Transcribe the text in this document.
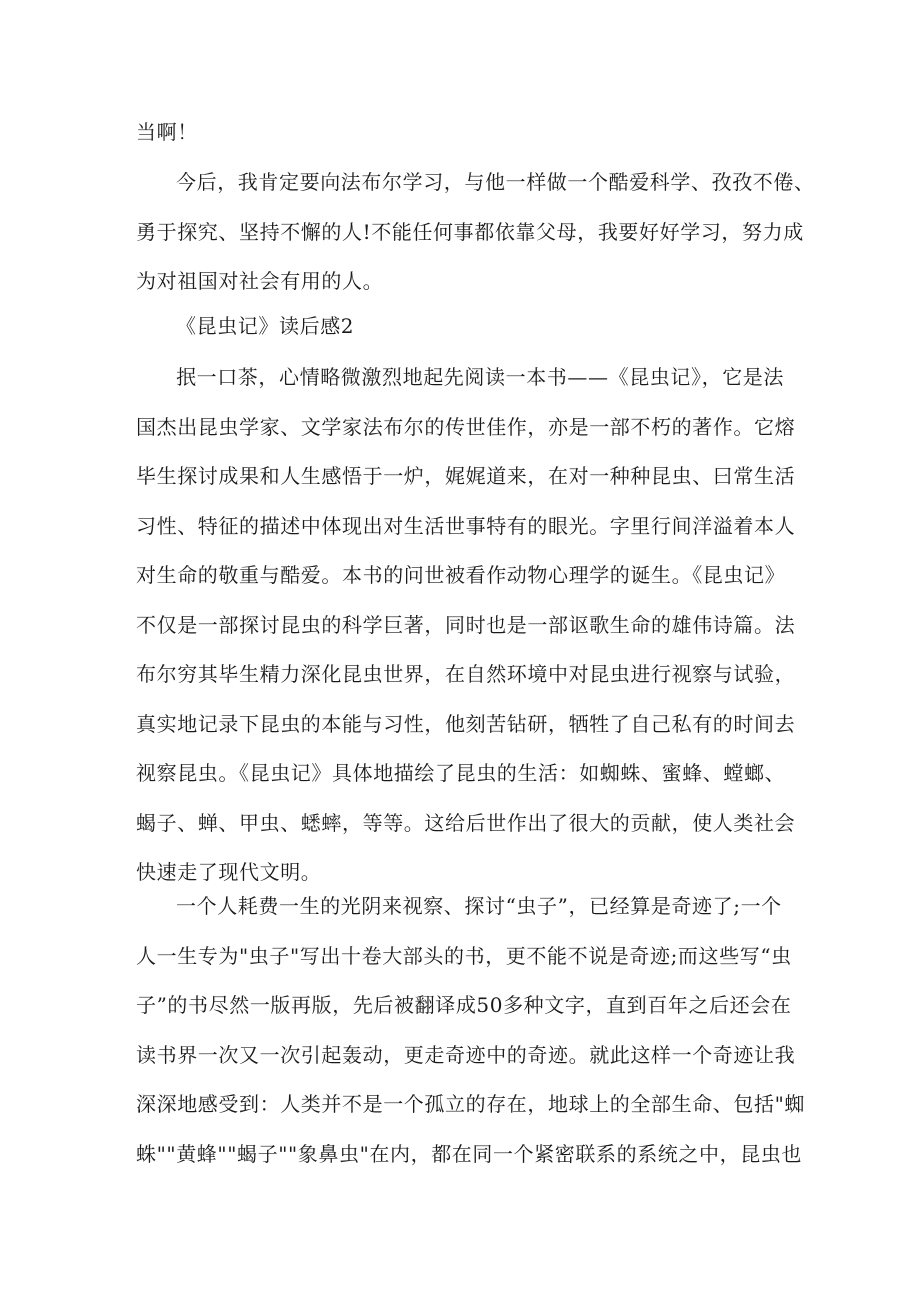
当啊！

今后，我肯定要向法布尔学习，与他一样做一个酷爱科学、孜孜不倦、
勇于探究、坚持不懈的人!不能任何事都依靠父母，我要好好学习，努力成
为对祖国对社会有用的人。

《昆虫记》读后感2

抿一口茶，心情略微激烈地起先阅读一本书——《昆虫记》，它是法
国杰出昆虫学家、文学家法布尔的传世佳作，亦是一部不朽的著作。它熔
毕生探讨成果和人生感悟于一炉，娓娓道来，在对一种种昆虫、曰常生活
习性、特征的描述中体现出对生活世事特有的眼光。字里行间洋溢着本人
对生命的敬重与酷爱。本书的问世被看作动物心理学的诞生。《昆虫记》
不仅是一部探讨昆虫的科学巨著，同时也是一部讴歌生命的雄伟诗篇。法
布尔穷其毕生精力深化昆虫世界，在自然环境中对昆虫进行视察与试验，
真实地记录下昆虫的本能与习性，他刻苦钻研，牺牲了自己私有的时间去
视察昆虫。《昆虫记》具体地描绘了昆虫的生活：如蜘蛛、蜜蜂、螳螂、
蝎子、蝉、甲虫、蟋蟀，等等。这给后世作出了很大的贡献，使人类社会
快速走了现代文明。

一个人耗费一生的光阴来视察、探讨“虫子”，已经算是奇迹了;一个
人一生专为"虫子"写出十卷大部头的书，更不能不说是奇迹;而这些写“虫
子”的书尽然一版再版，先后被翻译成50多种文字，直到百年之后还会在
读书界一次又一次引起轰动，更走奇迹中的奇迹。就此这样一个奇迹让我
深深地感受到：人类并不是一个孤立的存在，地球上的全部生命、包括"蜘
蛛""黄蜂""蝎子""象鼻虫"在内，都在同一个紧密联系的系统之中，昆虫也
